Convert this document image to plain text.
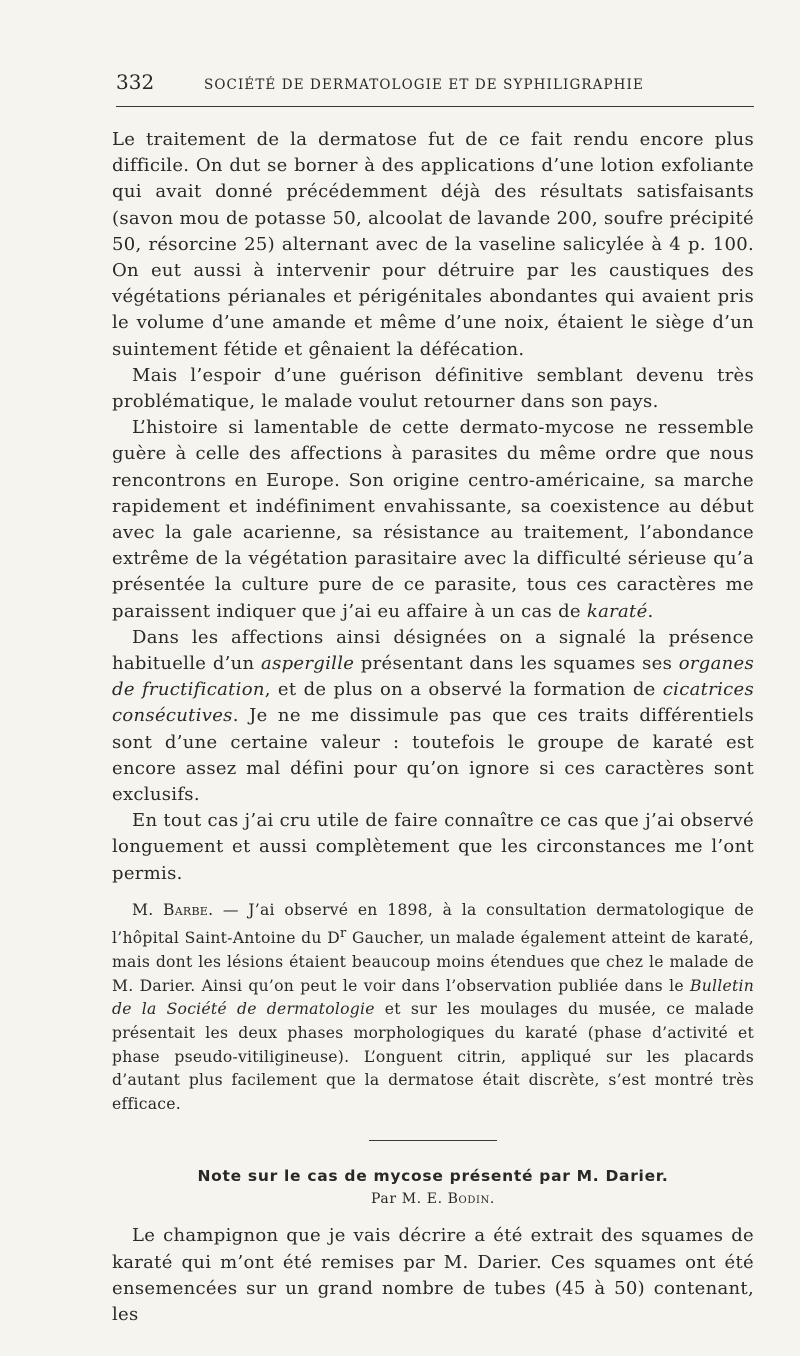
332	SOCIÉTÉ DE DERMATOLOGIE ET DE SYPHILIGRAPHIE

Le traitement de la dermatose fut de ce fait rendu encore plus difficile. On dut se borner à des applications d’une lotion exfoliante qui avait donné précédemment déjà des résultats satisfaisants (savon mou de potasse 50, alcoolat de lavande 200, soufre précipité 50, résorcine 25) alternant avec de la vaseline salicylée à 4 p. 100. On eut aussi à intervenir pour détruire par les caustiques des végétations périanales et périgénitales abondantes qui avaient pris le volume d’une amande et même d’une noix, étaient le siège d’un suintement fétide et gênaient la défécation.

Mais l’espoir d’une guérison définitive semblant devenu très problématique, le malade voulut retourner dans son pays.

L’histoire si lamentable de cette dermato-mycose ne ressemble guère à celle des affections à parasites du même ordre que nous rencontrons en Europe. Son origine centro-américaine, sa marche rapidement et indéfiniment envahissante, sa coexistence au début avec la gale acarienne, sa résistance au traitement, l’abondance extrême de la végétation parasitaire avec la difficulté sérieuse qu’a présentée la culture pure de ce parasite, tous ces caractères me paraissent indiquer que j’ai eu affaire à un cas de karaté.

Dans les affections ainsi désignées on a signalé la présence habituelle d’un aspergille présentant dans les squames ses organes de fructification, et de plus on a observé la formation de cicatrices consécutives. Je ne me dissimule pas que ces traits différentiels sont d’une certaine valeur : toutefois le groupe de karaté est encore assez mal défini pour qu’on ignore si ces caractères sont exclusifs.

En tout cas j’ai cru utile de faire connaître ce cas que j’ai observé longuement et aussi complètement que les circonstances me l’ont permis.

M. Barbe. — J’ai observé en 1898, à la consultation dermatologique de l’hôpital Saint-Antoine du $D^r$ Gaucher, un malade également atteint de karaté, mais dont les lésions étaient beaucoup moins étendues que chez le malade de M. Darier. Ainsi qu’on peut le voir dans l’observation publiée dans le Bulletin de la Société de dermatologie et sur les moulages du musée, ce malade présentait les deux phases morphologiques du karaté (phase d’activité et phase pseudo-vitiligineuse). L’onguent citrin, appliqué sur les placards d’autant plus facilement que la dermatose était discrète, s’est montré très efficace.

Note sur le cas de mycose présenté par M. Darier.
Par M. E. Bodin.

Le champignon que je vais décrire a été extrait des squames de karaté qui m’ont été remises par M. Darier. Ces squames ont été ensemencées sur un grand nombre de tubes (45 à 50) contenant, les
